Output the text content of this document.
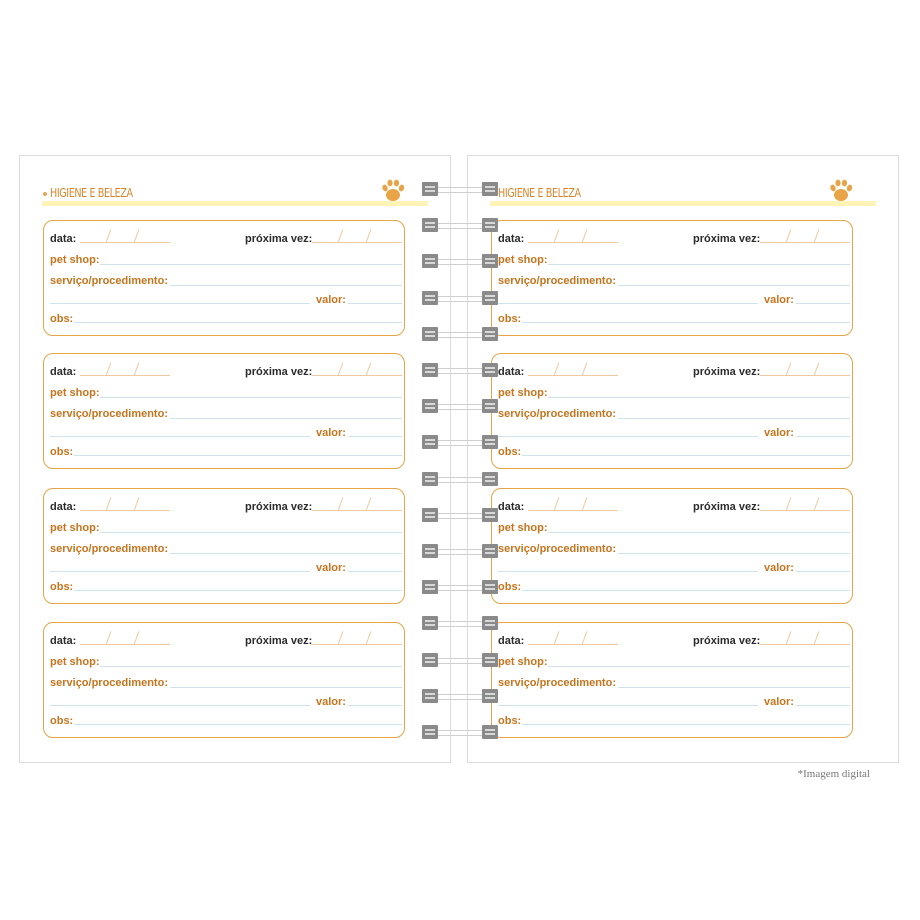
HIGIENE E BELEZA
data:	próxima vez:
pet shop:
serviço/procedimento:
valor:
obs:
data:	próxima vez:
pet shop:
serviço/procedimento:
valor:
obs:
data:	próxima vez:
pet shop:
serviço/procedimento:
valor:
obs:
data:	próxima vez:
pet shop:
serviço/procedimento:
valor:
obs:
HIGIENE E BELEZA
data:	próxima vez:
pet shop:
serviço/procedimento:
valor:
obs:
data:	próxima vez:
pet shop:
serviço/procedimento:
valor:
obs:
data:	próxima vez:
pet shop:
serviço/procedimento:
valor:
obs:
data:	próxima vez:
pet shop:
serviço/procedimento:
valor:
obs:
*Imagem digital
